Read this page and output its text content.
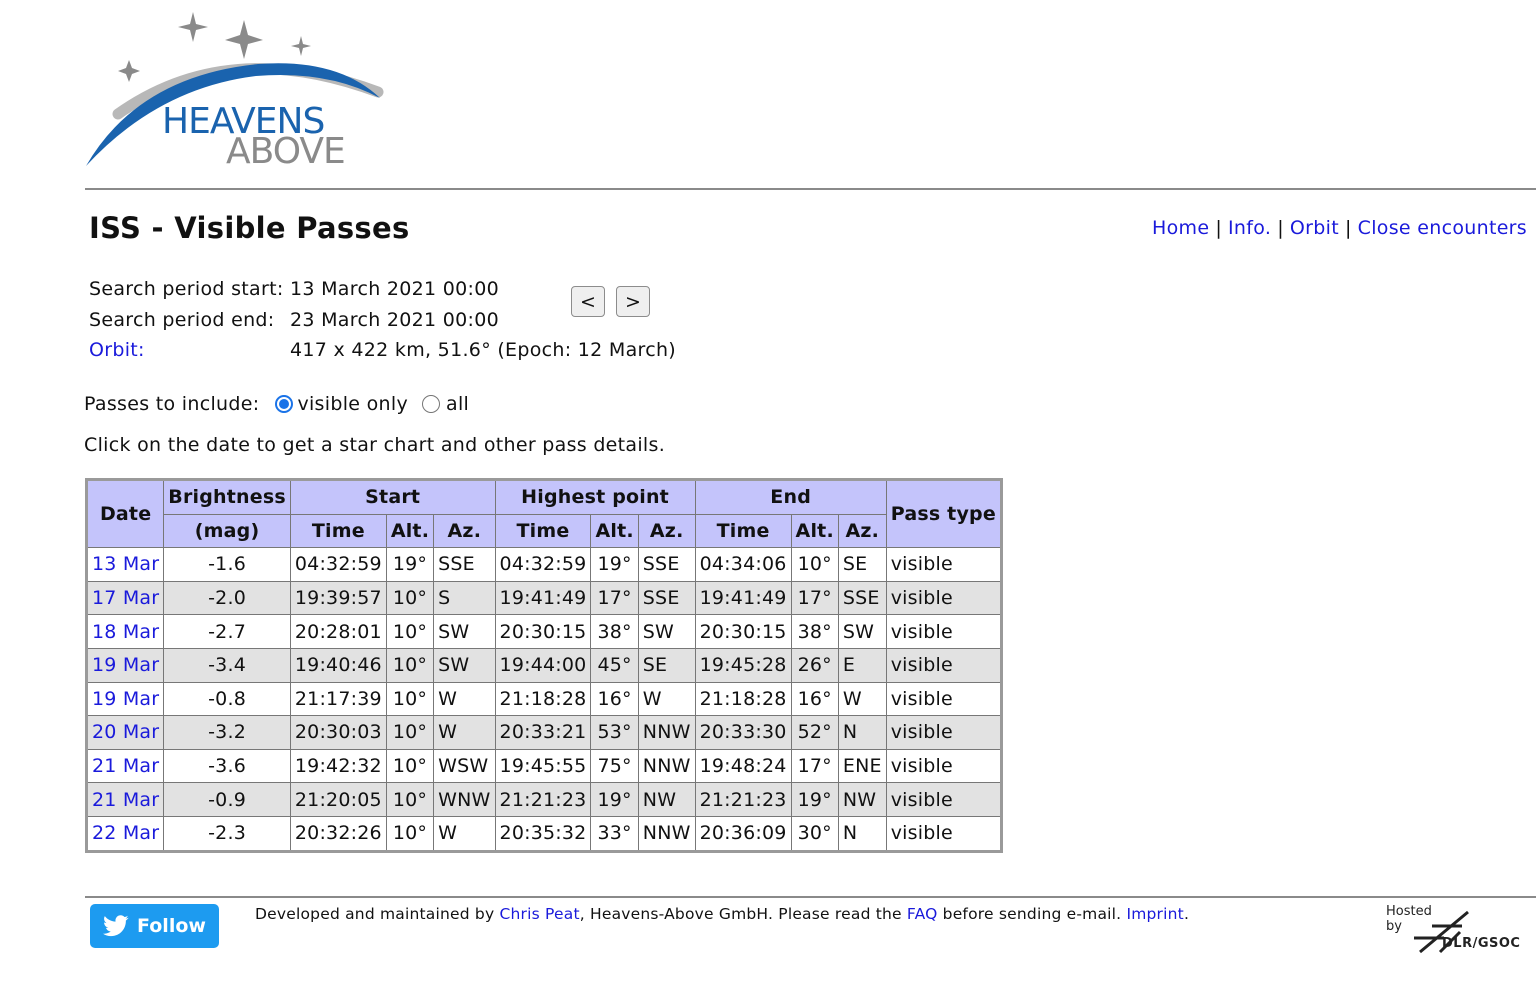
HEAVENS
ABOVE
ISS - Visible Passes	Home | Info. | Orbit | Close encounters
Search period start: 13 March 2021 00:00
Search period end: 23 March 2021 00:00
Orbit:	417 x 422 km, 51.6° (Epoch: 12 March)
<	>
Passes to include: visible only all
Click on the date to get a star chart and other pass details.
Date	Brightness	Start			Highest point			End			Pass type
	(mag)	Time	Alt.	Az.	Time	Alt.	Az.	Time	Alt.	Az.	
13 Mar	-1.6	04:32:59	19°	SSE	04:32:59	19°	SSE	04:34:06	10°	SE	visible
17 Mar	-2.0	19:39:57	10°	S	19:41:49	17°	SSE	19:41:49	17°	SSE	visible
18 Mar	-2.7	20:28:01	10°	SW	20:30:15	38°	SW	20:30:15	38°	SW	visible
19 Mar	-3.4	19:40:46	10°	SW	19:44:00	45°	SE	19:45:28	26°	E	visible
19 Mar	-0.8	21:17:39	10°	W	21:18:28	16°	W	21:18:28	16°	W	visible
20 Mar	-3.2	20:30:03	10°	W	20:33:21	53°	NNW	20:33:30	52°	N	visible
21 Mar	-3.6	19:42:32	10°	WSW	19:45:55	75°	NNW	19:48:24	17°	ENE	visible
21 Mar	-0.9	21:20:05	10°	WNW	21:21:23	19°	NW	21:21:23	19°	NW	visible
22 Mar	-2.3	20:32:26	10°	W	20:35:32	33°	NNW	20:36:09	30°	N	visible
Follow
Developed and maintained by Chris Peat, Heavens-Above GmbH. Please read the FAQ before sending e-mail. Imprint.	Hosted
by
DLR/GSOC
